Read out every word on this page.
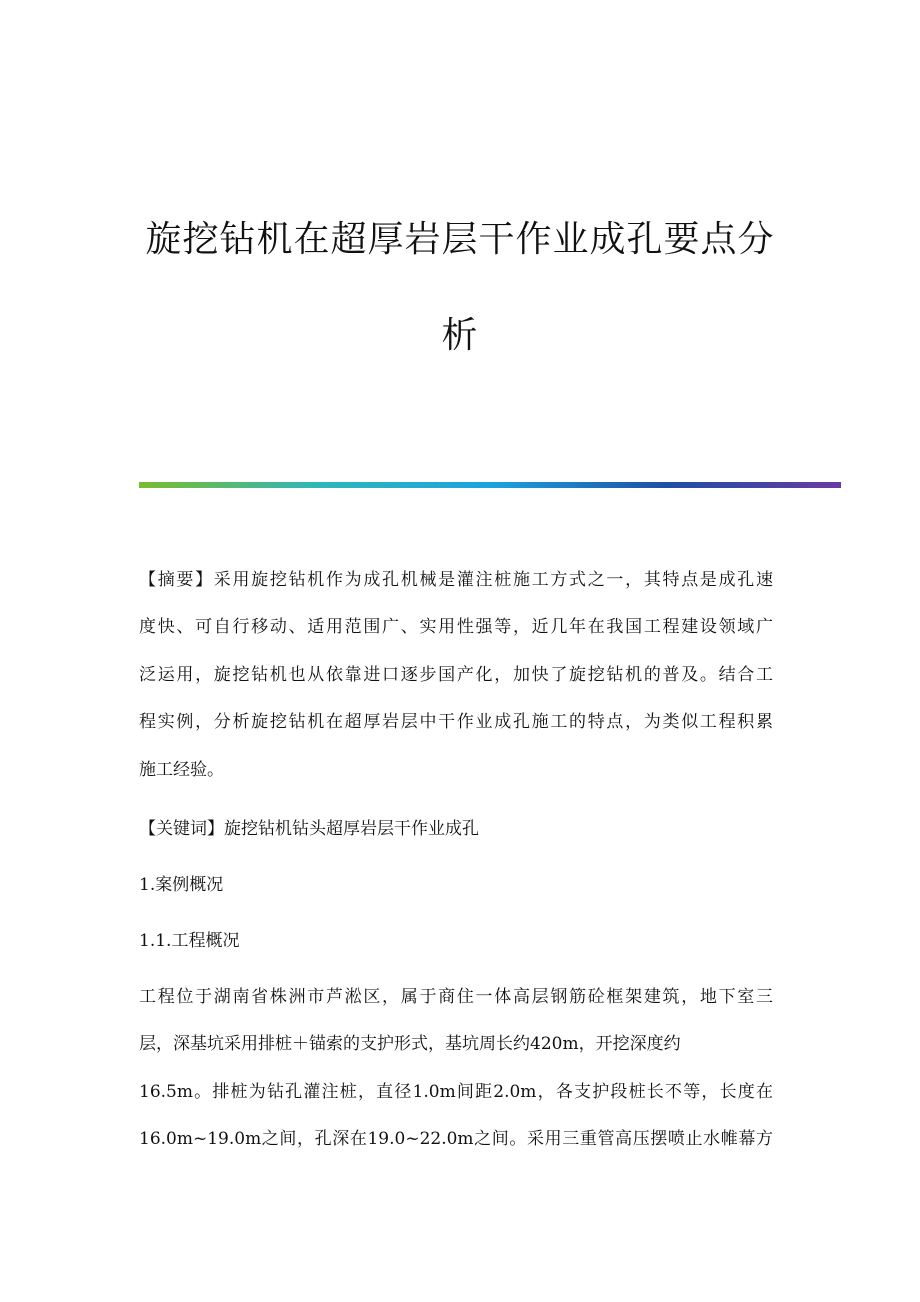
旋挖钻机在超厚岩层干作业成孔要点分
析

【摘要】采用旋挖钻机作为成孔机械是灌注桩施工方式之一，其特点是成孔速

度快、可自行移动、适用范围广、实用性强等，近几年在我国工程建设领域广

泛运用，旋挖钻机也从依靠进口逐步国产化，加快了旋挖钻机的普及。结合工

程实例，分析旋挖钻机在超厚岩层中干作业成孔施工的特点，为类似工程积累

施工经验。

【关键词】旋挖钻机钻头超厚岩层干作业成孔

1.案例概况

1.1.工程概况

工程位于湖南省株洲市芦淞区，属于商住一体高层钢筋砼框架建筑，地下室三

层，深基坑采用排桩＋锚索的支护形式，基坑周长约420m，开挖深度约

16.5m。排桩为钻孔灌注桩，直径1.0m间距2.0m，各支护段桩长不等，长度在

16.0m~19.0m之间，孔深在19.0~22.0m之间。采用三重管高压摆喷止水帷幕方
